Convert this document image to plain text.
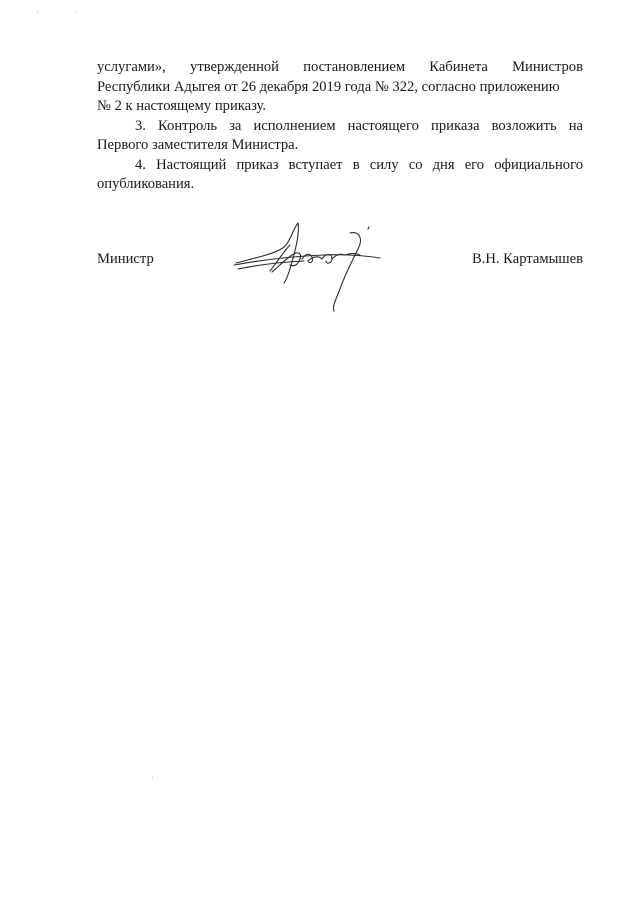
услугами», утвержденной постановлением Кабинета Министров
Республики Адыгея от 26 декабря 2019 года № 322, согласно приложению
№ 2 к настоящему приказу.
3. Контроль за исполнением настоящего приказа возложить на
Первого заместителя Министра.
4. Настоящий приказ вступает в силу со дня его официального
опубликования.
Министр	В.Н. Картамышев
